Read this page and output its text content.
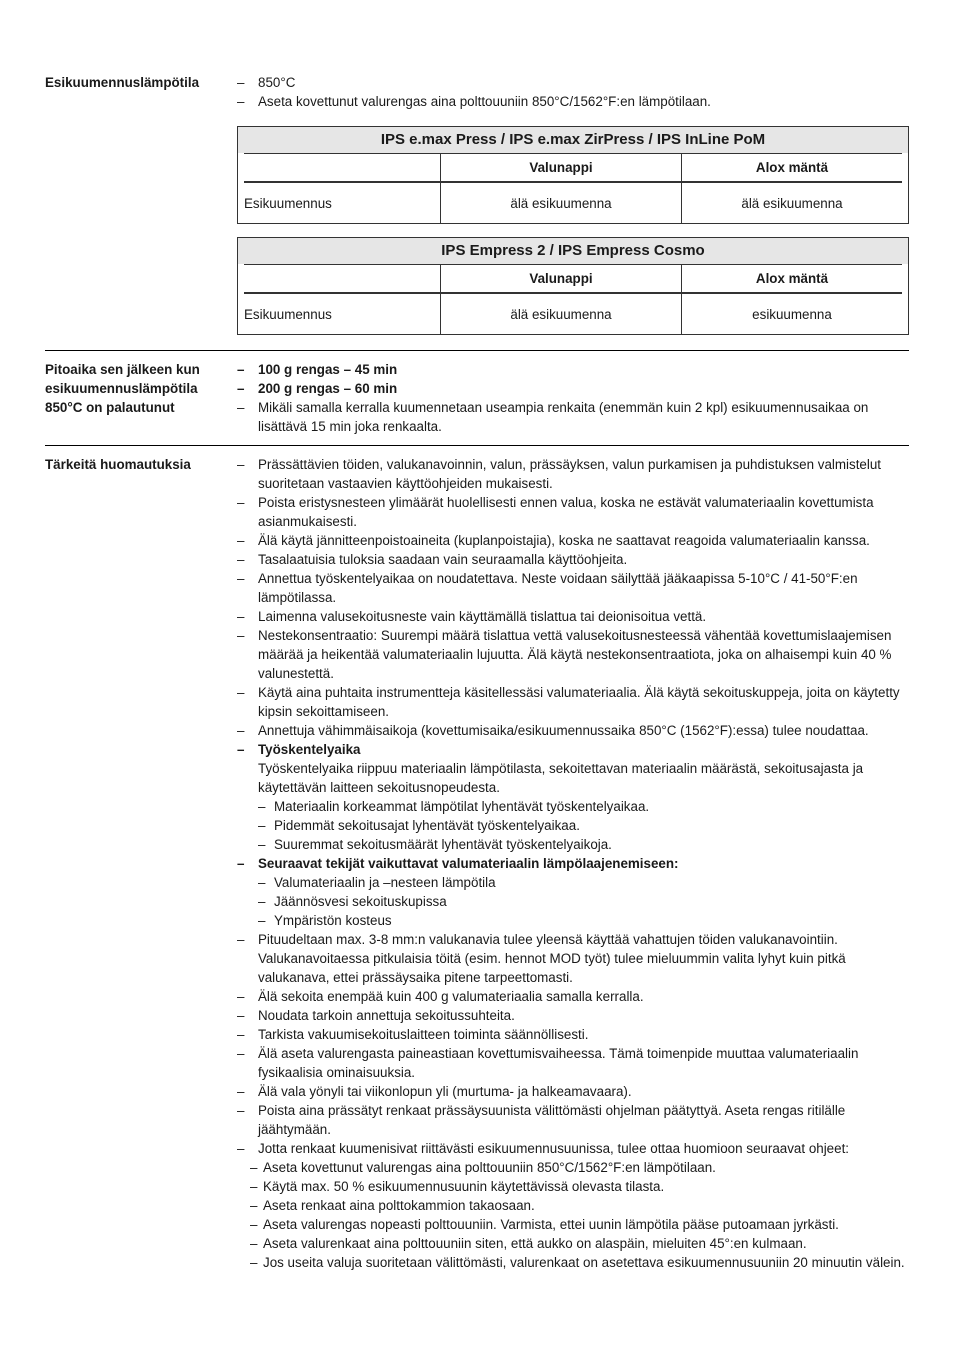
Esikuumennuslämpötila	– 850°C
– Aseta kovettunut valurengas aina polttouuniin 850°C/1562°F:en lämpötilaan.
IPS e.max Press / IPS e.max ZirPress / IPS InLine PoM

	Valunappi	Alox mäntä
Esikuumennus	älä esikuumenna	älä esikuumenna
IPS Empress 2 / IPS Empress Cosmo

	Valunappi	Alox mäntä
Esikuumennus	älä esikuumenna	esikuumenna
Pitoaika sen jälkeen kun
esikuumennuslämpötila
850°C on palautunut
– 100 g rengas – 45 min
– 200 g rengas – 60 min
– Mikäli samalla kerralla kuumennetaan useampia renkaita (enemmän kuin 2 kpl) esikuumennusaikaa on lisättävä 15 min joka renkaalta.
Tärkeitä huomautuksia	– Prässättävien töiden, valukanavoinnin, valun, prässäyksen, valun purkamisen ja puhdistuksen valmistelut suoritetaan vastaavien käyttöohjeiden mukaisesti.
– Poista eristysnesteen ylimäärät huolellisesti ennen valua, koska ne estävät valumateriaalin kovettumista asianmukaisesti.
– Älä käytä jännitteenpoistoaineita (kuplanpoistajia), koska ne saattavat reagoida valumateriaalin kanssa.
– Tasalaatuisia tuloksia saadaan vain seuraamalla käyttöohjeita.
– Annettua työskentelyaikaa on noudatettava. Neste voidaan säilyttää jääkaapissa 5-10°C / 41-50°F:en lämpötilassa.
– Laimenna valusekoitusneste vain käyttämällä tislattua tai deionisoitua vettä.
– Nestekonsentraatio: Suurempi määrä tislattua vettä valusekoitusnesteessä vähentää kovettumislaajemisen määrää ja heikentää valumateriaalin lujuutta. Älä käytä nestekonsentraatiota, joka on alhaisempi kuin 40 % valunestettä.
– Käytä aina puhtaita instrumentteja käsitellessäsi valumateriaalia. Älä käytä sekoituskuppeja, joita on käytetty kipsin sekoittamiseen.
– Annettuja vähimmäisaikoja (kovettumisaika/esikuumennussaika 850°C (1562°F):essa) tulee noudattaa.
– Työskentelyaika
Työskentelyaika riippuu materiaalin lämpötilasta, sekoitettavan materiaalin määrästä, sekoitusajasta ja käytettävän laitteen sekoitusnopeudesta.
– Materiaalin korkeammat lämpötilat lyhentävät työskentelyaikaa.
– Pidemmät sekoitusajat lyhentävät työskentelyaikaa.
– Suuremmat sekoitusmäärät lyhentävät työskentelyaikoja.
– Seuraavat tekijät vaikuttavat valumateriaalin lämpölaajenemiseen:
– Valumateriaalin ja –nesteen lämpötila
– Jäännösvesi sekoituskupissa
– Ympäristön kosteus
– Pituudeltaan max. 3-8 mm:n valukanavia tulee yleensä käyttää vahattujen töiden valukanavointiin. Valukanavoitaessa pitkulaisia töitä (esim. hennot MOD työt) tulee mieluummin valita lyhyt kuin pitkä valukanava, ettei prässäysaika pitene tarpeettomasti.
– Älä sekoita enempää kuin 400 g valumateriaalia samalla kerralla.
– Noudata tarkoin annettuja sekoitussuhteita.
– Tarkista vakuumisekoituslaitteen toiminta säännöllisesti.
– Älä aseta valurengasta paineastiaan kovettumisvaiheessa. Tämä toimenpide muuttaa valumateriaalin fysikaalisia ominaisuuksia.
– Älä vala yönyli tai viikonlopun yli (murtuma- ja halkeamavaara).
– Poista aina prässätyt renkaat prässäysuunista välittömästi ohjelman päätyttyä. Aseta rengas ritilälle jäähtymään.
– Jotta renkaat kuumenisivat riittävästi esikuumennusuunissa, tulee ottaa huomioon seuraavat ohjeet:
– Aseta kovettunut valurengas aina polttouuniin 850°C/1562°F:en lämpötilaan.
– Käytä max. 50 % esikuumennusuunin käytettävissä olevasta tilasta.
– Aseta renkaat aina polttokammion takaosaan.
– Aseta valurengas nopeasti polttouuniin. Varmista, ettei uunin lämpötila pääse putoamaan jyrkästi.
– Aseta valurenkaat aina polttouuniin siten, että aukko on alaspäin, mieluiten 45°:en kulmaan.
– Jos useita valuja suoritetaan välittömästi, valurenkaat on asetettava esikuumennusuuniin 20 minuutin välein.
